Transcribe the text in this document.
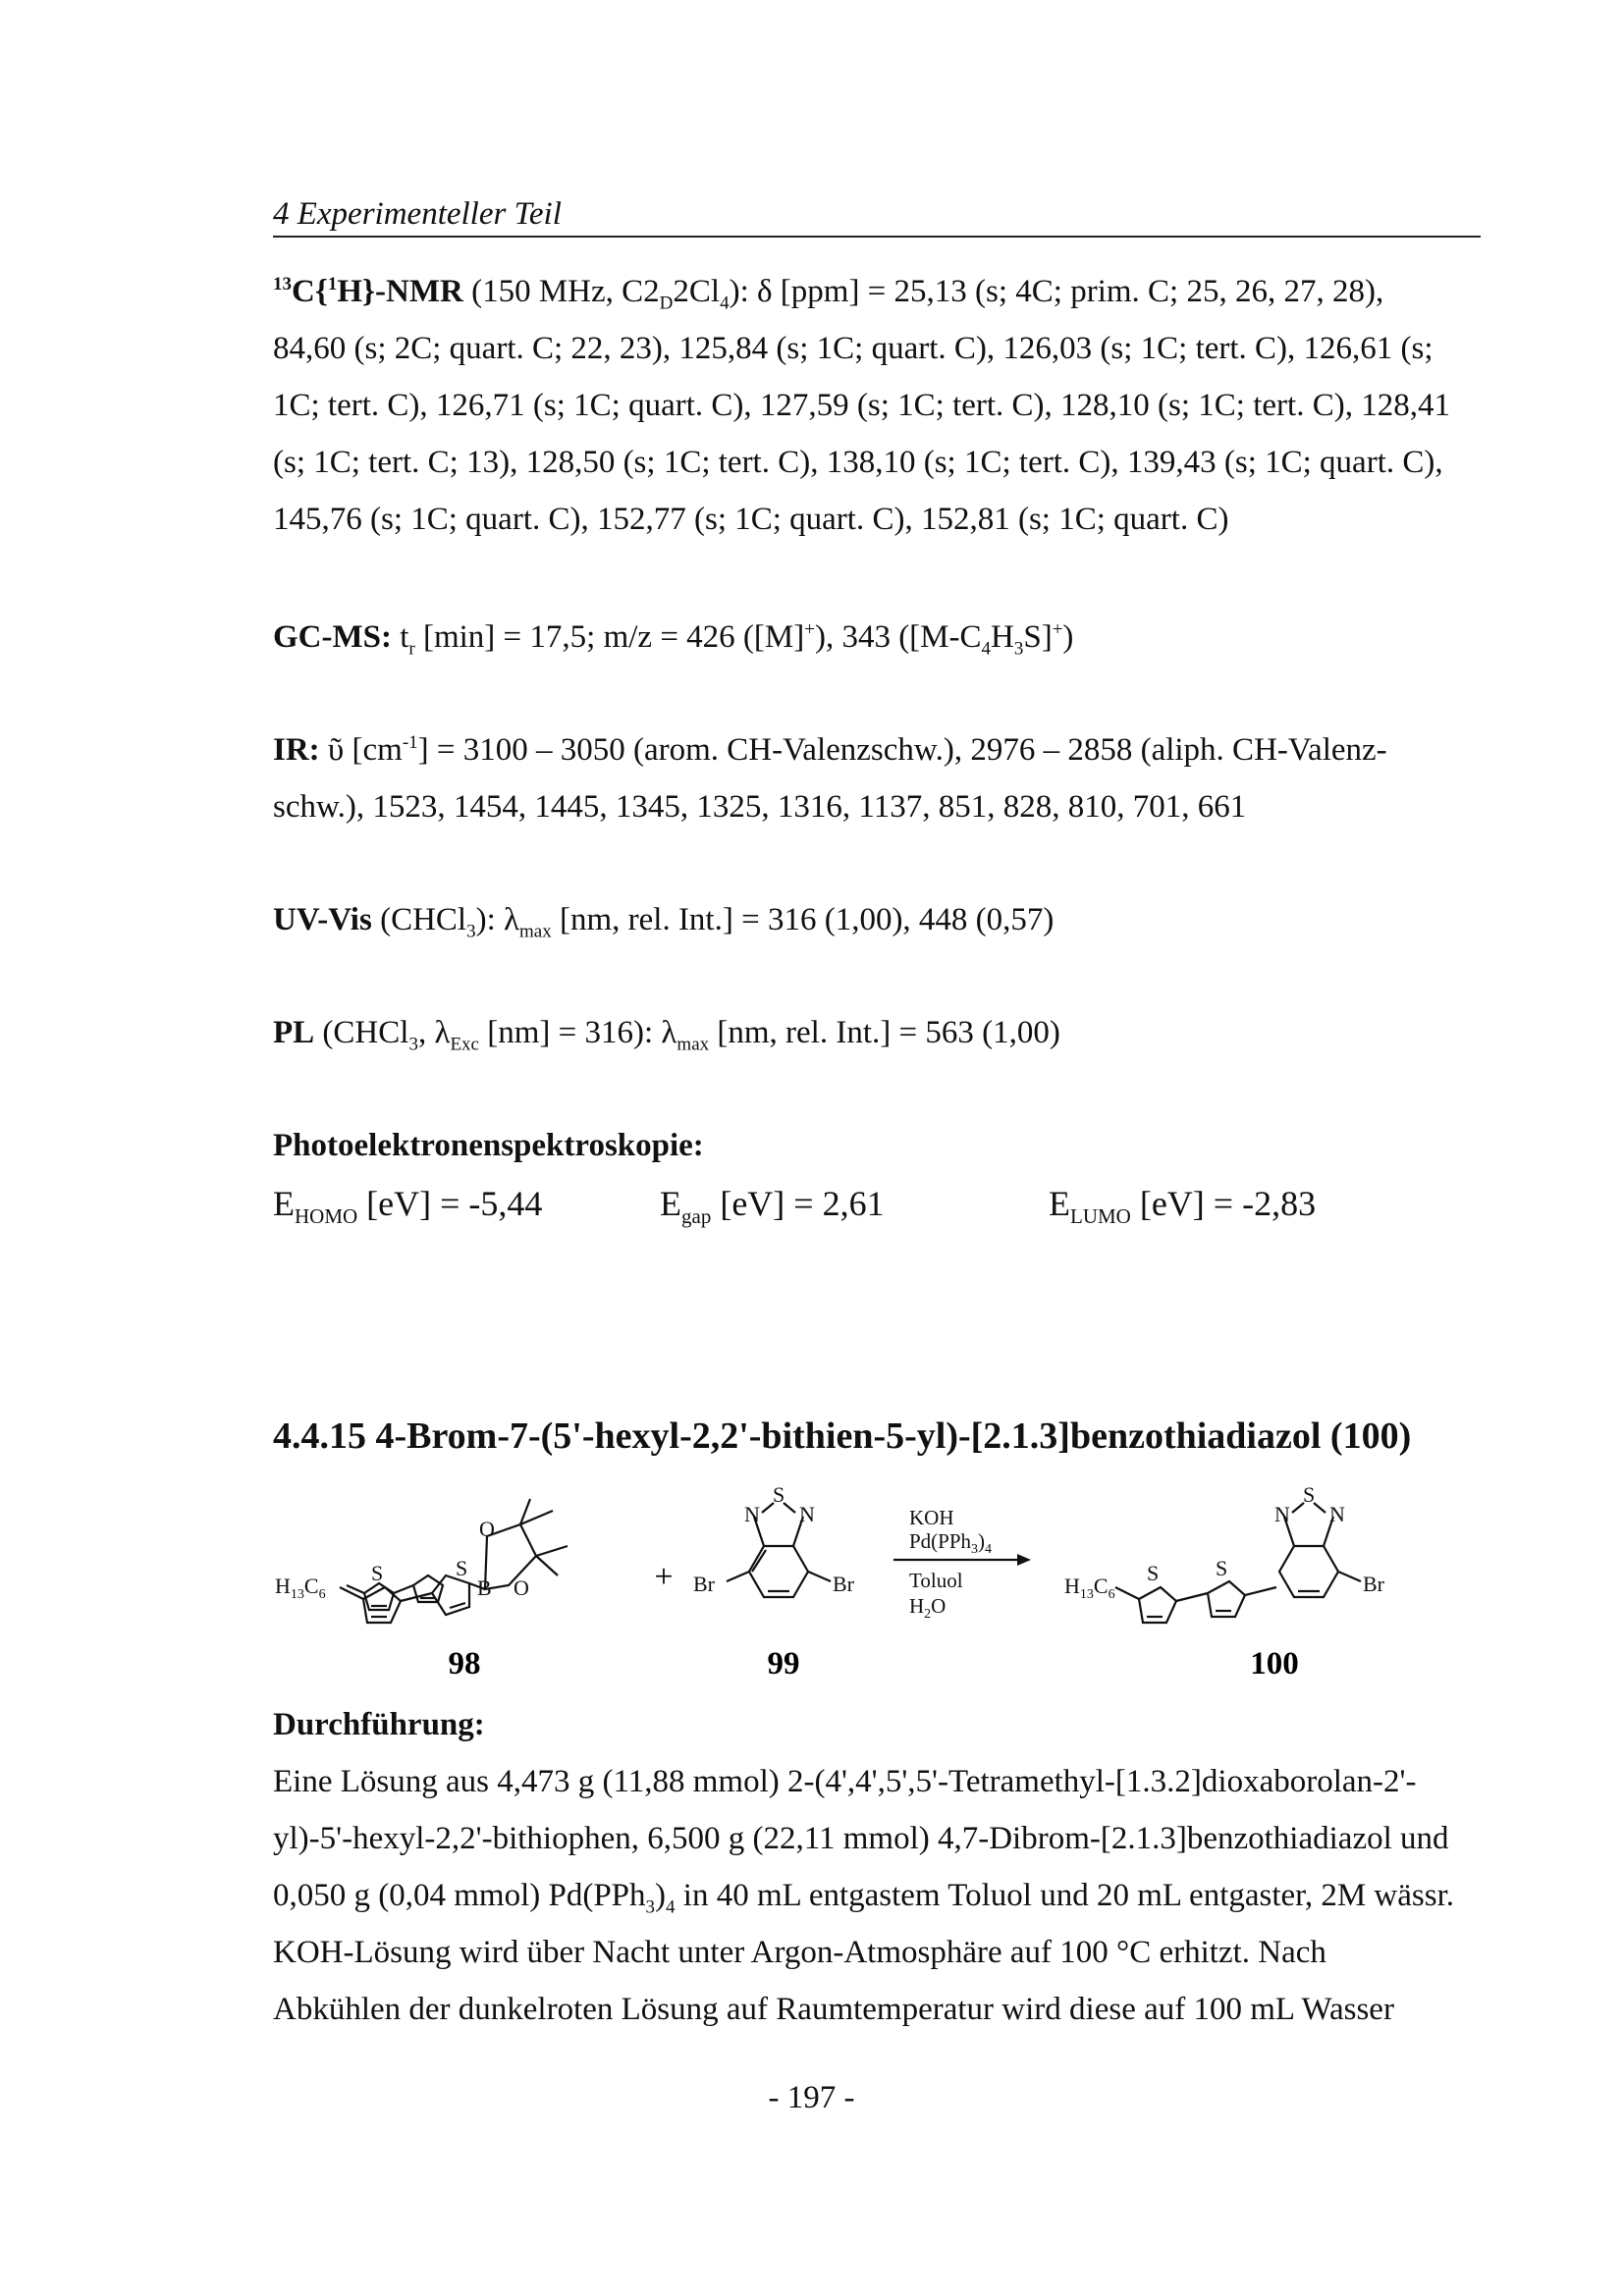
4 Experimenteller Teil
$^{13}$C{$^1$H}-NMR (150 MHz, $C2_D2Cl_4$): δ [ppm] = 25,13 (s; 4C; prim. C; 25, 26, 27, 28),
84,60 (s; 2C; quart. C; 22, 23), 125,84 (s; 1C; quart. C), 126,03 (s; 1C; tert. C), 126,61 (s;
1C; tert. C), 126,71 (s; 1C; quart. C), 127,59 (s; 1C; tert. C), 128,10 (s; 1C; tert. C), 128,41
(s; 1C; tert. C; 13), 128,50 (s; 1C; tert. C), 138,10 (s; 1C; tert. C), 139,43 (s; 1C; quart. C),
145,76 (s; 1C; quart. C), 152,77 (s; 1C; quart. C), 152,81 (s; 1C; quart. C)
GC-MS: $t_r$ [min] = 17,5; m/z = 426 ([M]+), 343 $([M-C_4H_3S]^+)$
IR: ῦ $[cm^{-1}] = 3100 - 3050$ (arom. CH-Valenzschw.), 2976 – 2858 (aliph. CH-Valenz-
schw.), 1523, 1454, 1445, 1345, 1325, 1316, 1137, 851, 828, 810, 701, 661
UV-Vis (CHCl$_3$): $\lambda_{max}$ [nm, rel. Int.] = 316 (1,00), 448 (0,57)
PL (CHCl$_3$, $\lambda_{Exc}$ [nm] = 316): $\lambda_{max}$ [nm, rel. Int.] = 563 (1,00)
Photoelektronenspektroskopie:
$E_{HOMO}$ [eV] = -5,44	$E_{gap}$ [eV] = 2,61	$E_{LUMO}$ [eV] = -2,83
4.4.15 4-Brom-7-(5'-hexyl-2,2'-bithien-5-yl)-[2.1.3]benzothiadiazol (100)
$H_{13}C_6$
S	S
O
B O
98
+
S
N N
Br	Br
99
KOH
$Pd(PPh_3)_4$
Toluol
$H_2O$
$H_{13}C_6$
S	S
S
N N
Br
100
Durchführung:
Eine Lösung aus 4,473 g (11,88 mmol) 2-(4',4',5',5'-Tetramethyl-[1.3.2]dioxaborolan-2'-
yl)-5'-hexyl-2,2'-bithiophen, 6,500 g (22,11 mmol) 4,7-Dibrom-[2.1.3]benzothiadiazol und
0,050 g (0,04 mmol) $Pd(PPh_3)_4$ in 40 mL entgastem Toluol und 20 mL entgaster, 2M wässr.
KOH-Lösung wird über Nacht unter Argon-Atmosphäre auf 100 °C erhitzt. Nach
Abkühlen der dunkelroten Lösung auf Raumtemperatur wird diese auf 100 mL Wasser
- 197 -
